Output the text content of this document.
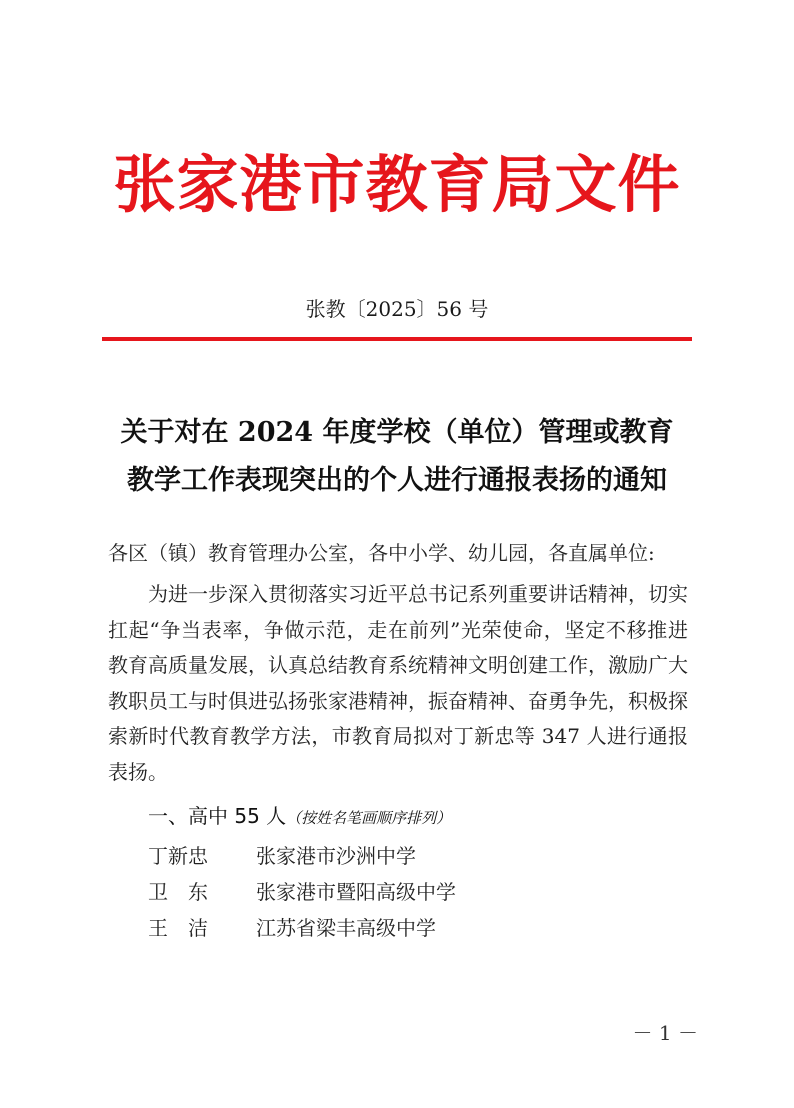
张家港市教育局文件
张教〔2025〕56 号
关于对在 2024 年度学校（单位）管理或教育
教学工作表现突出的个人进行通报表扬的通知
各区（镇）教育管理办公室，各中小学、幼儿园，各直属单位:
为进一步深入贯彻落实习近平总书记系列重要讲话精神，切实扛起“争当表率，争做示范，走在前列”光荣使命，坚定不移推进教育高质量发展，认真总结教育系统精神文明创建工作，激励广大教职员工与时俱进弘扬张家港精神，振奋精神、奋勇争先，积极探索新时代教育教学方法，市教育局拟对丁新忠等 347 人进行通报表扬。
一、高中 55 人（按姓名笔画顺序排列）
丁新忠 张家港市沙洲中学
卫　东 张家港市暨阳高级中学
王　洁 江苏省梁丰高级中学
－ 1 －
